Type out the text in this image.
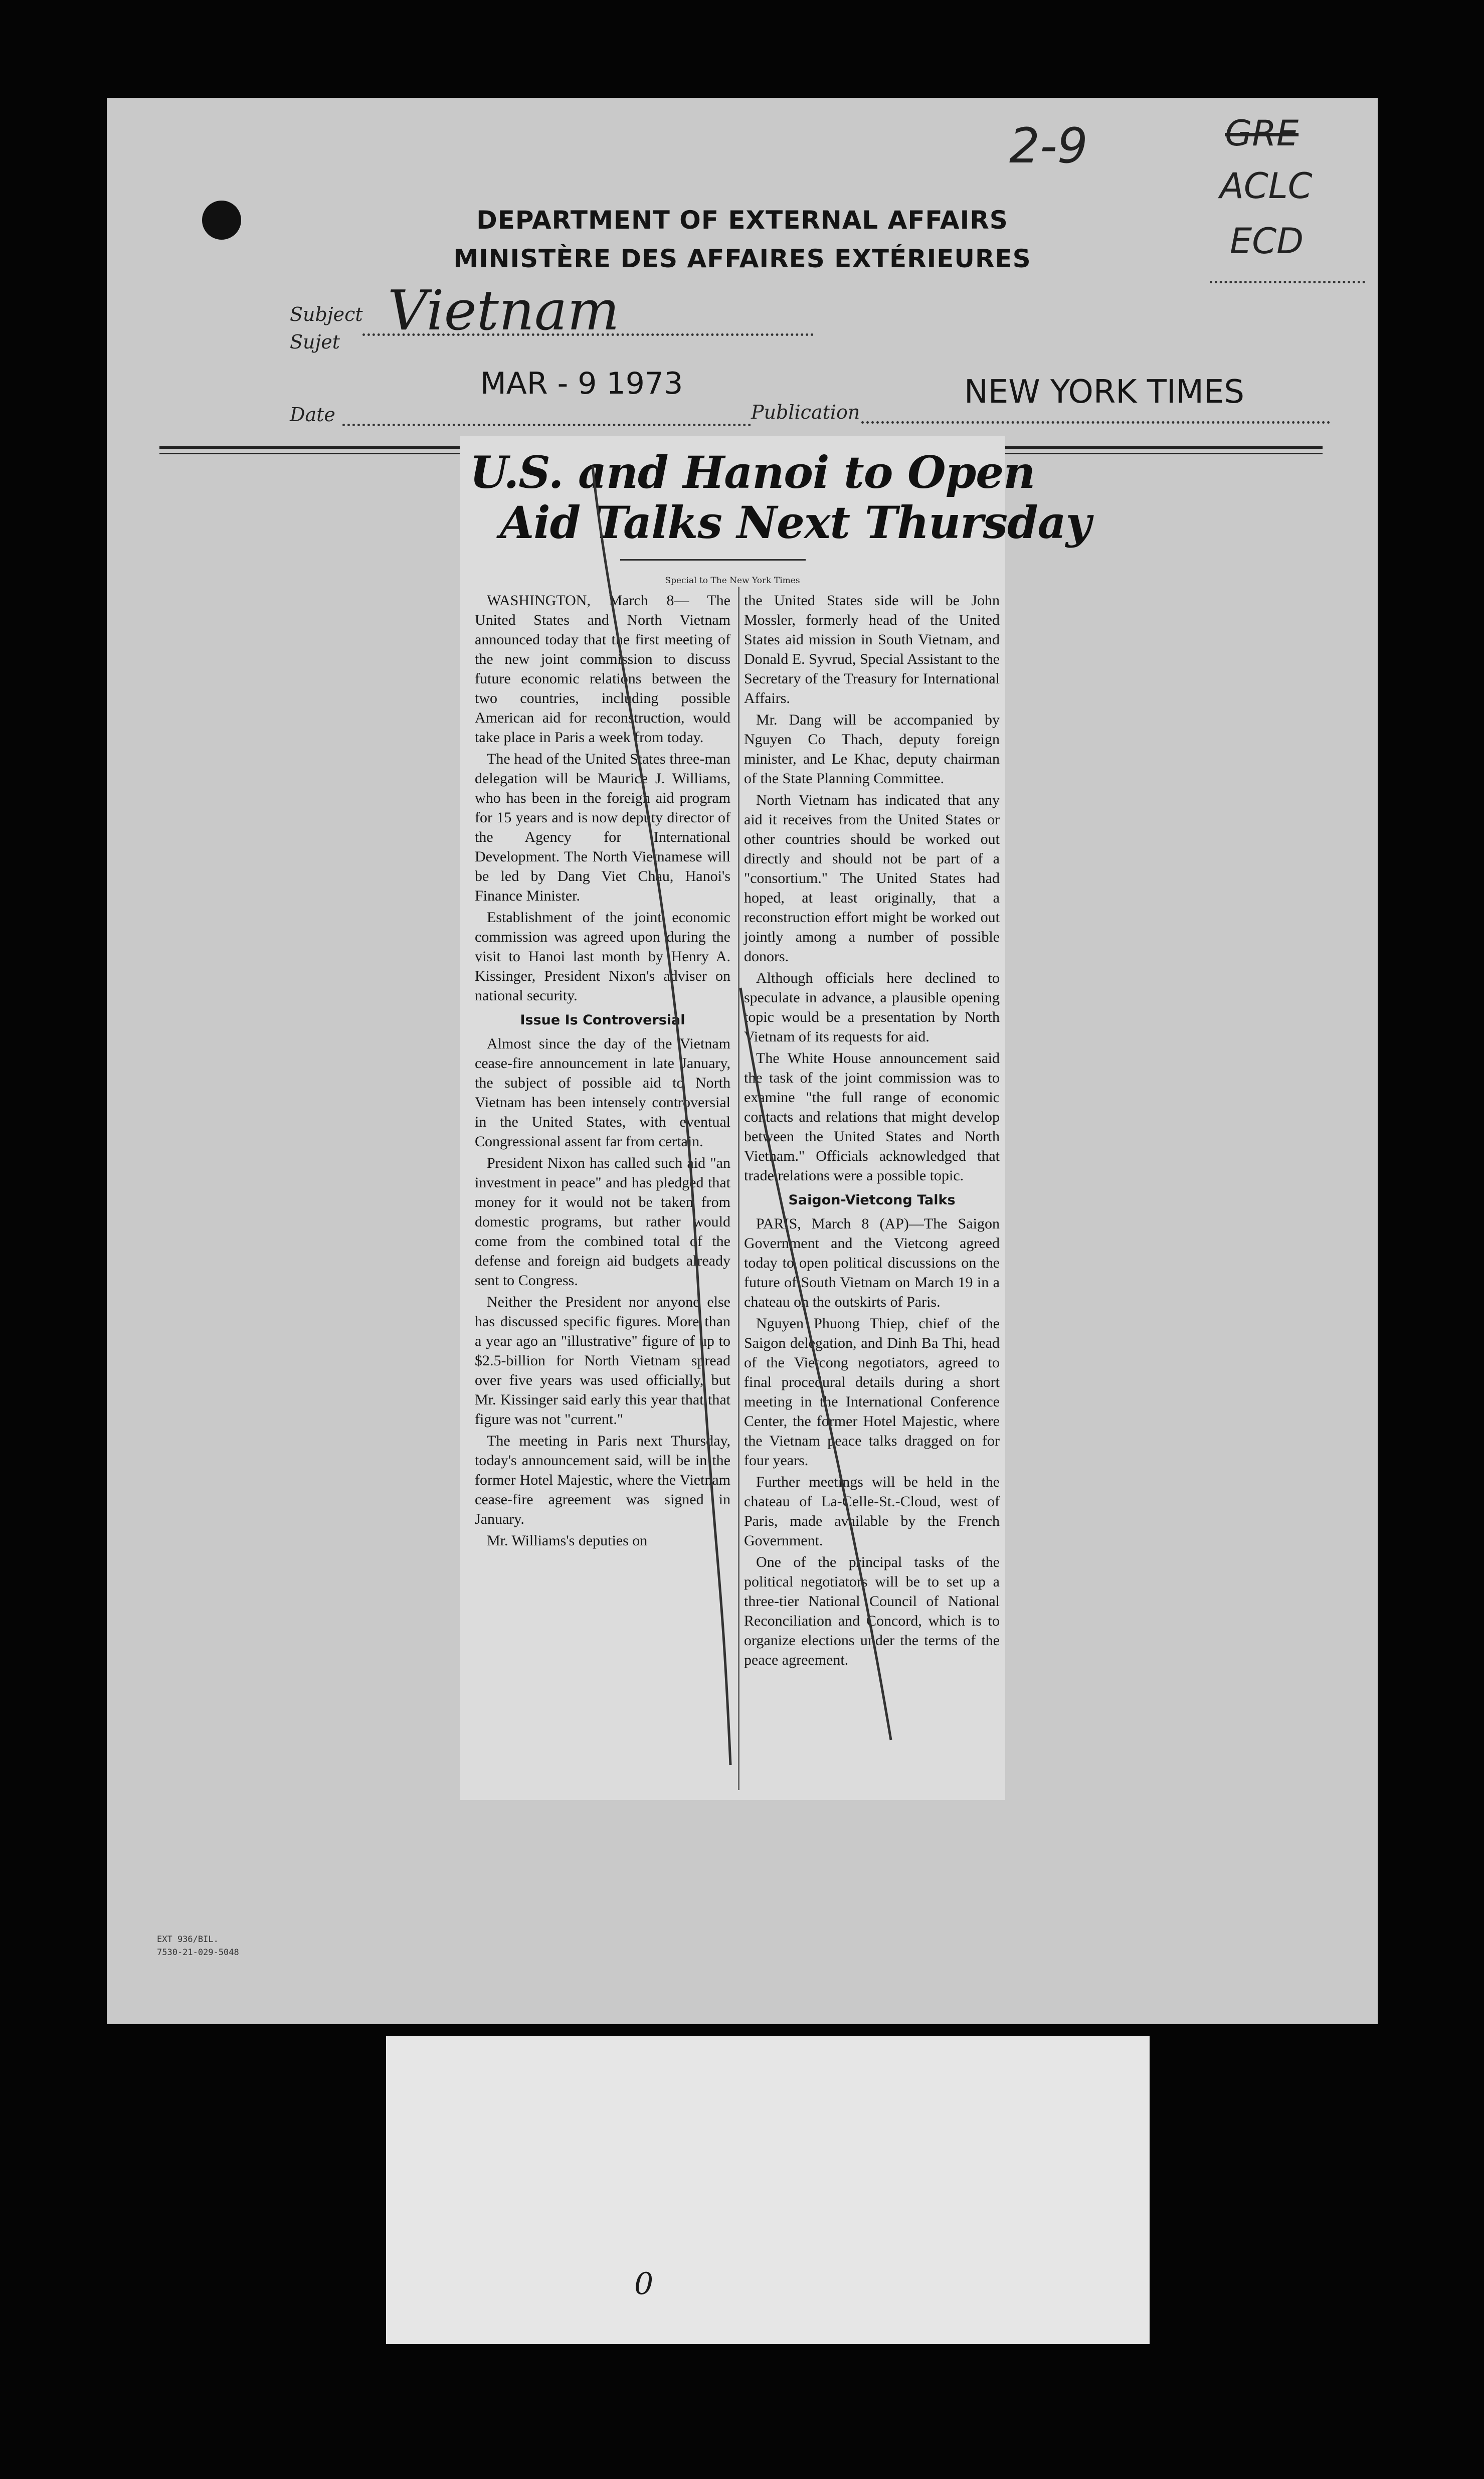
DEPARTMENT OF EXTERNAL AFFAIRS
MINISTÈRE DES AFFAIRES EXTÉRIEURES
2-9	GRE
ACLC
ECD
Subject
Sujet Vietnam
MAR - 9 1973
Date	Publication
NEW YORK TIMES
EXT 936/BIL.
7530-21-029-5048
U.S. and Hanoi to Open
Aid Talks Next Thursday
Special to The New York Times

WASHINGTON, March 8— The United States and North Vietnam announced today that the first meeting of the new joint commission to discuss future economic relations between the two countries, including possible American aid for reconstruction, would take place in Paris a week from today.

The head of the United States three-man delegation will be Maurice J. Williams, who has been in the foreign aid program for 15 years and is now deputy director of the Agency for International Development. The North Vietnamese will be led by Dang Viet Chau, Hanoi's Finance Minister.

Establishment of the joint economic commission was agreed upon during the visit to Hanoi last month by Henry A. Kissinger, President Nixon's adviser on national security.

Issue Is Controversial

Almost since the day of the Vietnam cease-fire announcement in late January, the subject of possible aid to North Vietnam has been intensely controversial in the United States, with eventual Congressional assent far from certain.

President Nixon has called such aid "an investment in peace" and has pledged that money for it would not be taken from domestic programs, but rather would come from the combined total of the defense and foreign aid budgets already sent to Congress.

Neither the President nor anyone else has discussed specific figures. More than a year ago an "illustrative" figure of up to $2.5-billion for North Vietnam spread over five years was used officially, but Mr. Kissinger said early this year that that figure was not "current."

The meeting in Paris next Thursday, today's announcement said, will be in the former Hotel Majestic, where the Vietnam cease-fire agreement was signed in January.

Mr. Williams's deputies on

the United States side will be John Mossler, formerly head of the United States aid mission in South Vietnam, and Donald E. Syvrud, Special Assistant to the Secretary of the Treasury for International Affairs.

Mr. Dang will be accompanied by Nguyen Co Thach, deputy foreign minister, and Le Khac, deputy chairman of the State Planning Committee.

North Vietnam has indicated that any aid it receives from the United States or other countries should be worked out directly and should not be part of a "consortium." The United States had hoped, at least originally, that a reconstruction effort might be worked out jointly among a number of possible donors.

Although officials here declined to speculate in advance, a plausible opening topic would be a presentation by North Vietnam of its requests for aid.

The White House announcement said the task of the joint commission was to examine "the full range of economic contacts and relations that might develop between the United States and North Vietnam." Officials acknowledged that trade relations were a possible topic.

Saigon-Vietcong Talks

PARIS, March 8 (AP)—The Saigon Government and the Vietcong agreed today to open political discussions on the future of South Vietnam on March 19 in a chateau on the outskirts of Paris.

Nguyen Phuong Thiep, chief of the Saigon delegation, and Dinh Ba Thi, head of the Vietcong negotiators, agreed to final procedural details during a short meeting in the International Conference Center, the former Hotel Majestic, where the Vietnam peace talks dragged on for four years.

Further meetings will be held in the chateau of La-Celle-St.-Cloud, west of Paris, made available by the French Government.

One of the principal tasks of the political negotiators will be to set up a three-tier National Council of National Reconciliation and Concord, which is to organize elections under the terms of the peace agreement.

0
